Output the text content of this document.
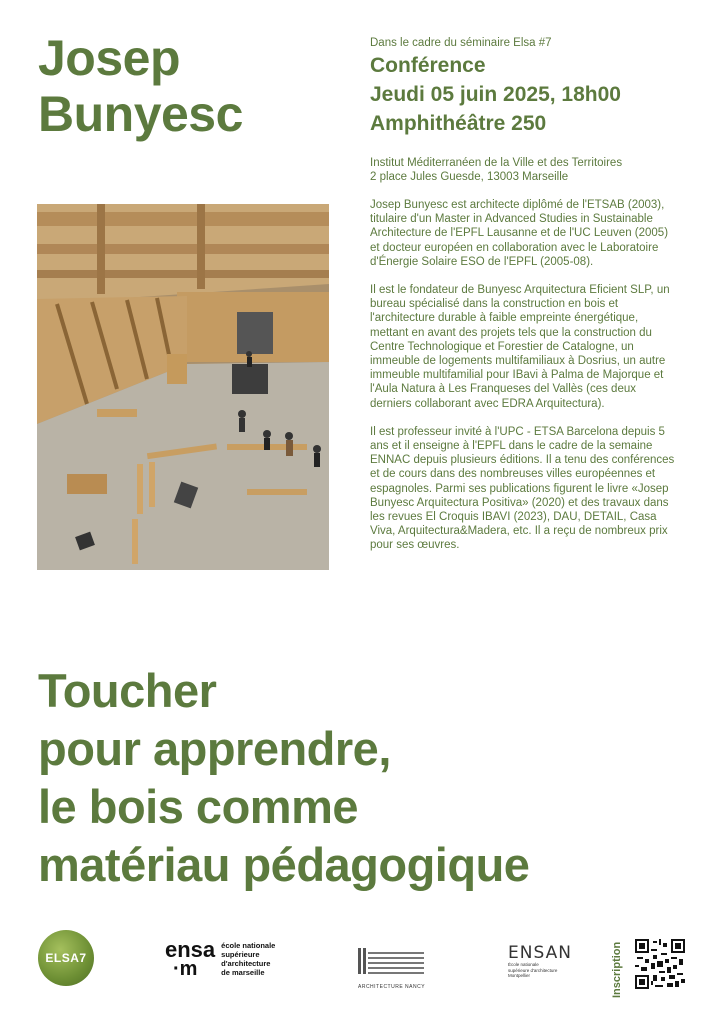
Josep
Bunyesc
Dans le cadre du séminaire Elsa #7
Conférence
Jeudi 05 juin 2025, 18h00
Amphithéâtre 250
Institut Méditerranéen de la Ville et des Territoires
2 place Jules Guesde, 13003 Marseille

Josep Bunyesc est architecte diplômé de l'ETSAB (2003), titulaire d'un Master in Advanced Studies in Sustainable Architecture de l'EPFL Lausanne et de l'UC Leuven (2005) et docteur européen en collaboration avec le Laboratoire d'Énergie Solaire ESO de l'EPFL (2005-08).

Il est le fondateur de Bunyesc Arquitectura Eficient SLP, un bureau spécialisé dans la construction en bois et l'architecture durable à faible empreinte énergétique, mettant en avant des projets tels que la construction du Centre Technologique et Forestier de Catalogne, un immeuble de logements multifamiliaux à Dosrius, un autre immeuble multifamilial pour IBavi à Palma de Majorque et l'Aula Natura à Les Franqueses del Vallès (ces deux derniers collaborant avec EDRA Arquitectura).

Il est professeur invité à l'UPC - ETSA Barcelona depuis 5 ans et il enseigne à l'EPFL dans le cadre de la semaine ENNAC depuis plusieurs éditions. Il a tenu des conférences et de cours dans des nombreuses villes européennes et espagnoles. Parmi ses publications figurent le livre «Josep Bunyesc Arquitectura Positiva» (2020) et des travaux dans les revues El Croquis IBAVI (2023), DAU, DETAIL, Casa Viva, Arquitectura&Madera, etc. Il a reçu de nombreux prix pour ses œuvres.

Toucher
pour apprendre,
le bois comme
matériau pédagogique
ELSA7	ensa
·m
école nationale
supérieure
d'architecture
de marseille
ARCHITECTURE NANCY
ENSAN
École nationale
supérieure d'architecture
Montpellier	Inscription
